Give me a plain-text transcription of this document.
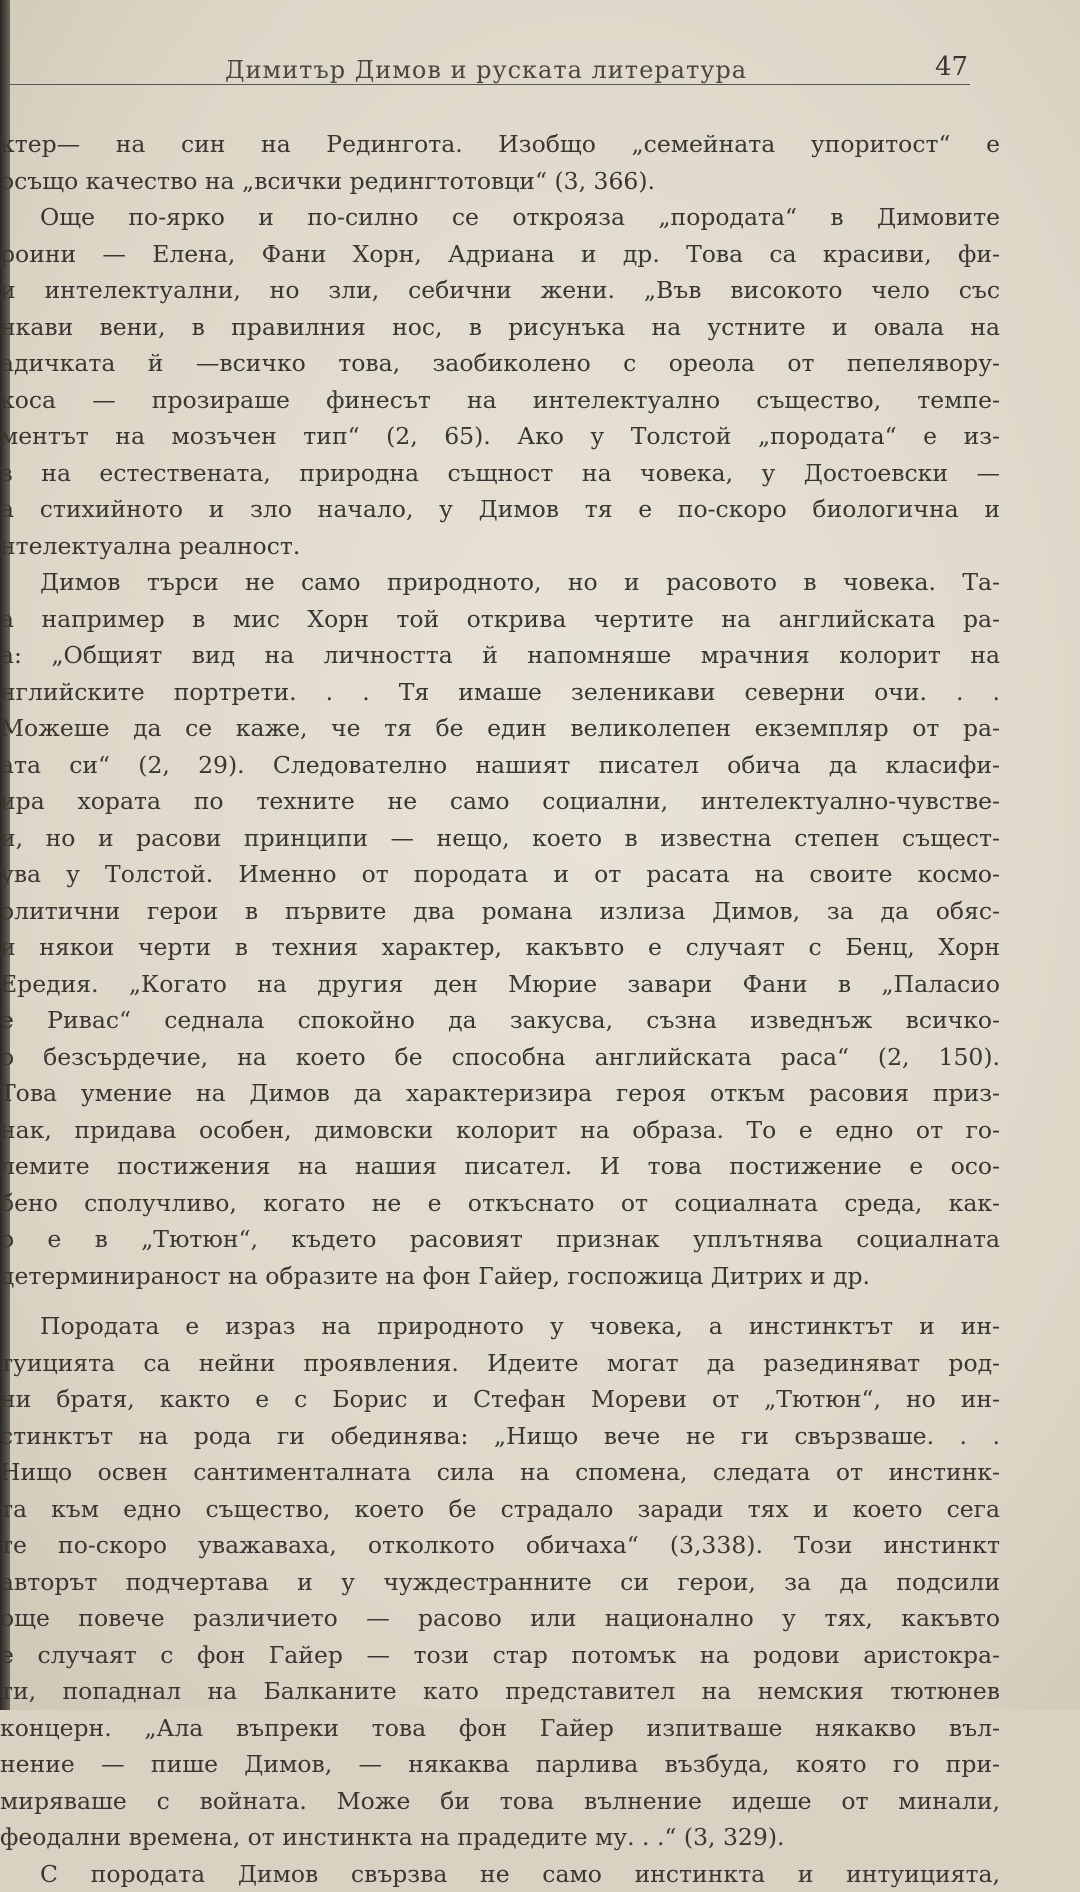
Димитър Димов и руската литература	47
ктер— на син на Редингота. Изобщо „семейната упоритост“ е
осъщо качество на „всички редингтотовци“ (3, 366).
Още по-ярко и по-силно се открояза „породата“ в Димовите
роини — Елена, Фани Хорн, Адриана и др. Това са красиви, фи-
и интелектуални, но зли, себични жени. „Във високото чело със
нкави вени, в правилния нос, в рисунъка на устните и овала на
адичката й —всичко това, заобиколено с ореола от пепелявору-
коса — прозираше финесът на интелектуално същество, темпе-
ментът на мозъчен тип“ (2, 65). Ако у Толстой „породата“ е из-
з на естествената, природна същност на човека, у Достоевски —
а стихийното и зло начало, у Димов тя е по-скоро биологична и
нтелектуална реалност.
Димов търси не само природното, но и расовото в човека. Та-
а например в мис Хорн той открива чертите на английската ра-
а: „Общият вид на личността й напомняше мрачния колорит на
нглийските портрети. . . Тя имаше зеленикави северни очи. . .
Можеше да се каже, че тя бе един великолепен екземпляр от ра-
ата си“ (2, 29). Следователно нашият писател обича да класифи-
ира хората по техните не само социални, интелектуално-чувстве-
и, но и расови принципи — нещо, което в известна степен същест-
ува у Толстой. Именно от породата и от расата на своите космо-
олитични герои в първите два романа излиза Димов, за да обяс-
и някои черти в техния характер, какъвто е случаят с Бенц, Хорн
Ередия. „Когато на другия ден Мюрие завари Фани в „Паласио
е Ривас“ седнала спокойно да закусва, съзна изведнъж всичко-
о безсърдечие, на което бе способна английската раса“ (2, 150).
Това умение на Димов да характеризира героя откъм расовия приз-
нак, придава особен, димовски колорит на образа. То е едно от го-
лемите постижения на нашия писател. И това постижение е осо-
бено сполучливо, когато не е откъснато от социалната среда, как-
о е в „Тютюн“, където расовият признак уплътнява социалната
детерминираност на образите на фон Гайер, госпожица Дитрих и др.
Породата е израз на природното у човека, а инстинктът и ин-
туицията са нейни проявления. Идеите могат да разединяват род-
ни братя, както е с Борис и Стефан Мореви от „Тютюн“, но ин-
стинктът на рода ги обединява: „Нищо вече не ги свързваше. . .
Нищо освен сантименталната сила на спомена, следата от инстинк-
та към едно същество, което бе страдало заради тях и което сега
те по-скоро уважаваха, отколкото обичаха“ (3,338). Този инстинкт
авторът подчертава и у чуждестранните си герои, за да подсили
още повече различието — расово или национално у тях, какъвто
е случаят с фон Гайер — този стар потомък на родови аристокра-
ти, попаднал на Балканите като представител на немския тютюнев
концерн. „Ала въпреки това фон Гайер изпитваше някакво въл-
нение — пише Димов, — някаква парлива възбуда, която го при-
миряваше с войната. Може би това вълнение идеше от минали,
феодални времена, от инстинкта на прадедите му. . .“ (3, 329).
С породата Димов свързва не само инстинкта и интуицията,
